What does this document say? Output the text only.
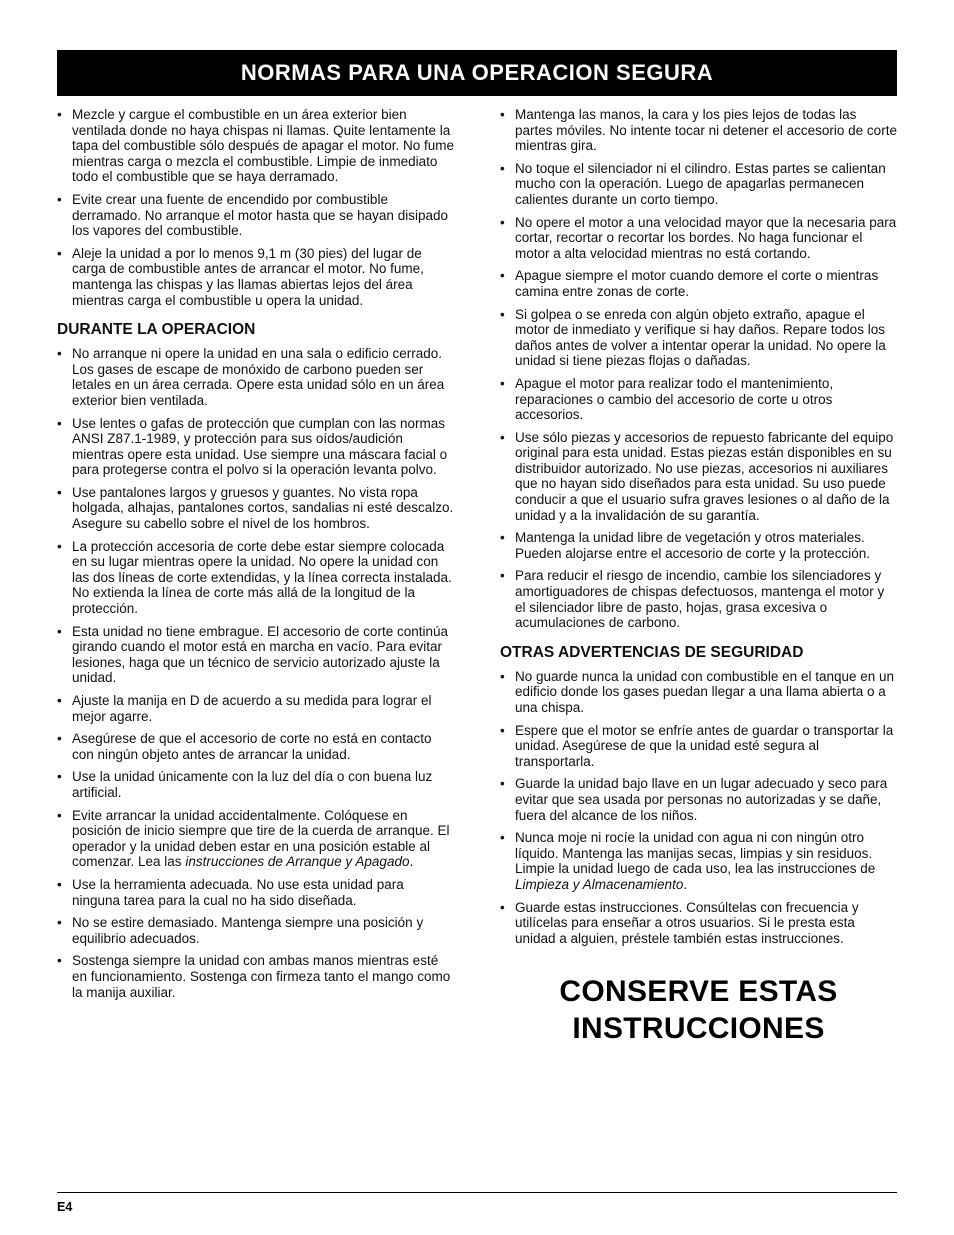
NORMAS PARA UNA OPERACION SEGURA
• Mezcle y cargue el combustible en un área exterior bien ventilada donde no haya chispas ni llamas. Quite lentamente la tapa del combustible sólo después de apagar el motor. No fume mientras carga o mezcla el combustible. Limpie de inmediato todo el combustible que se haya derramado.
• Evite crear una fuente de encendido por combustible derramado. No arranque el motor hasta que se hayan disipado los vapores del combustible.
• Aleje la unidad a por lo menos 9,1 m (30 pies) del lugar de carga de combustible antes de arrancar el motor. No fume, mantenga las chispas y las llamas abiertas lejos del área mientras carga el combustible u opera la unidad.
DURANTE LA OPERACION
• No arranque ni opere la unidad en una sala o edificio cerrado. Los gases de escape de monóxido de carbono pueden ser letales en un área cerrada. Opere esta unidad sólo en un área exterior bien ventilada.
• Use lentes o gafas de protección que cumplan con las normas ANSI Z87.1-1989, y protección para sus oídos/audición mientras opere esta unidad. Use siempre una máscara facial o para protegerse contra el polvo si la operación levanta polvo.
• Use pantalones largos y gruesos y guantes. No vista ropa holgada, alhajas, pantalones cortos, sandalias ni esté descalzo. Asegure su cabello sobre el nivel de los hombros.
• La protección accesoria de corte debe estar siempre colocada en su lugar mientras opere la unidad. No opere la unidad con las dos líneas de corte extendidas, y la línea correcta instalada. No extienda la línea de corte más allá de la longitud de la protección.
• Esta unidad no tiene embrague. El accesorio de corte continúa girando cuando el motor está en marcha en vacío. Para evitar lesiones, haga que un técnico de servicio autorizado ajuste la unidad.
• Ajuste la manija en D de acuerdo a su medida para lograr el mejor agarre.
• Asegúrese de que el accesorio de corte no está en contacto con ningún objeto antes de arrancar la unidad.
• Use la unidad únicamente con la luz del día o con buena luz artificial.
• Evite arrancar la unidad accidentalmente. Colóquese en posición de inicio siempre que tire de la cuerda de arranque. El operador y la unidad deben estar en una posición estable al comenzar. Lea las instrucciones de Arranque y Apagado.
• Use la herramienta adecuada. No use esta unidad para ninguna tarea para la cual no ha sido diseñada.
• No se estire demasiado. Mantenga siempre una posición y equilibrio adecuados.
• Sostenga siempre la unidad con ambas manos mientras esté en funcionamiento. Sostenga con firmeza tanto el mango como la manija auxiliar.
• Mantenga las manos, la cara y los pies lejos de todas las partes móviles. No intente tocar ni detener el accesorio de corte mientras gira.
• No toque el silenciador ni el cilindro. Estas partes se calientan mucho con la operación. Luego de apagarlas permanecen calientes durante un corto tiempo.
• No opere el motor a una velocidad mayor que la necesaria para cortar, recortar o recortar los bordes. No haga funcionar el motor a alta velocidad mientras no está cortando.
• Apague siempre el motor cuando demore el corte o mientras camina entre zonas de corte.
• Si golpea o se enreda con algún objeto extraño, apague el motor de inmediato y verifique si hay daños. Repare todos los daños antes de volver a intentar operar la unidad. No opere la unidad si tiene piezas flojas o dañadas.
• Apague el motor para realizar todo el mantenimiento, reparaciones o cambio del accesorio de corte u otros accesorios.
• Use sólo piezas y accesorios de repuesto fabricante del equipo original para esta unidad. Estas piezas están disponibles en su distribuidor autorizado. No use piezas, accesorios ni auxiliares que no hayan sido diseñados para esta unidad. Su uso puede conducir a que el usuario sufra graves lesiones o al daño de la unidad y a la invalidación de su garantía.
• Mantenga la unidad libre de vegetación y otros materiales. Pueden alojarse entre el accesorio de corte y la protección.
• Para reducir el riesgo de incendio, cambie los silenciadores y amortiguadores de chispas defectuosos, mantenga el motor y el silenciador libre de pasto, hojas, grasa excesiva o acumulaciones de carbono.
OTRAS ADVERTENCIAS DE SEGURIDAD
• No guarde nunca la unidad con combustible en el tanque en un edificio donde los gases puedan llegar a una llama abierta o a una chispa.
• Espere que el motor se enfríe antes de guardar o transportar la unidad. Asegúrese de que la unidad esté segura al transportarla.
• Guarde la unidad bajo llave en un lugar adecuado y seco para evitar que sea usada por personas no autorizadas y se dañe, fuera del alcance de los niños.
• Nunca moje ni rocíe la unidad con agua ni con ningún otro líquido. Mantenga las manijas secas, limpias y sin residuos. Limpie la unidad luego de cada uso, lea las instrucciones de Limpieza y Almacenamiento.
• Guarde estas instrucciones. Consúltelas con frecuencia y utilícelas para enseñar a otros usuarios. Si le presta esta unidad a alguien, préstele también estas instrucciones.
CONSERVE ESTAS INSTRUCCIONES
E4
